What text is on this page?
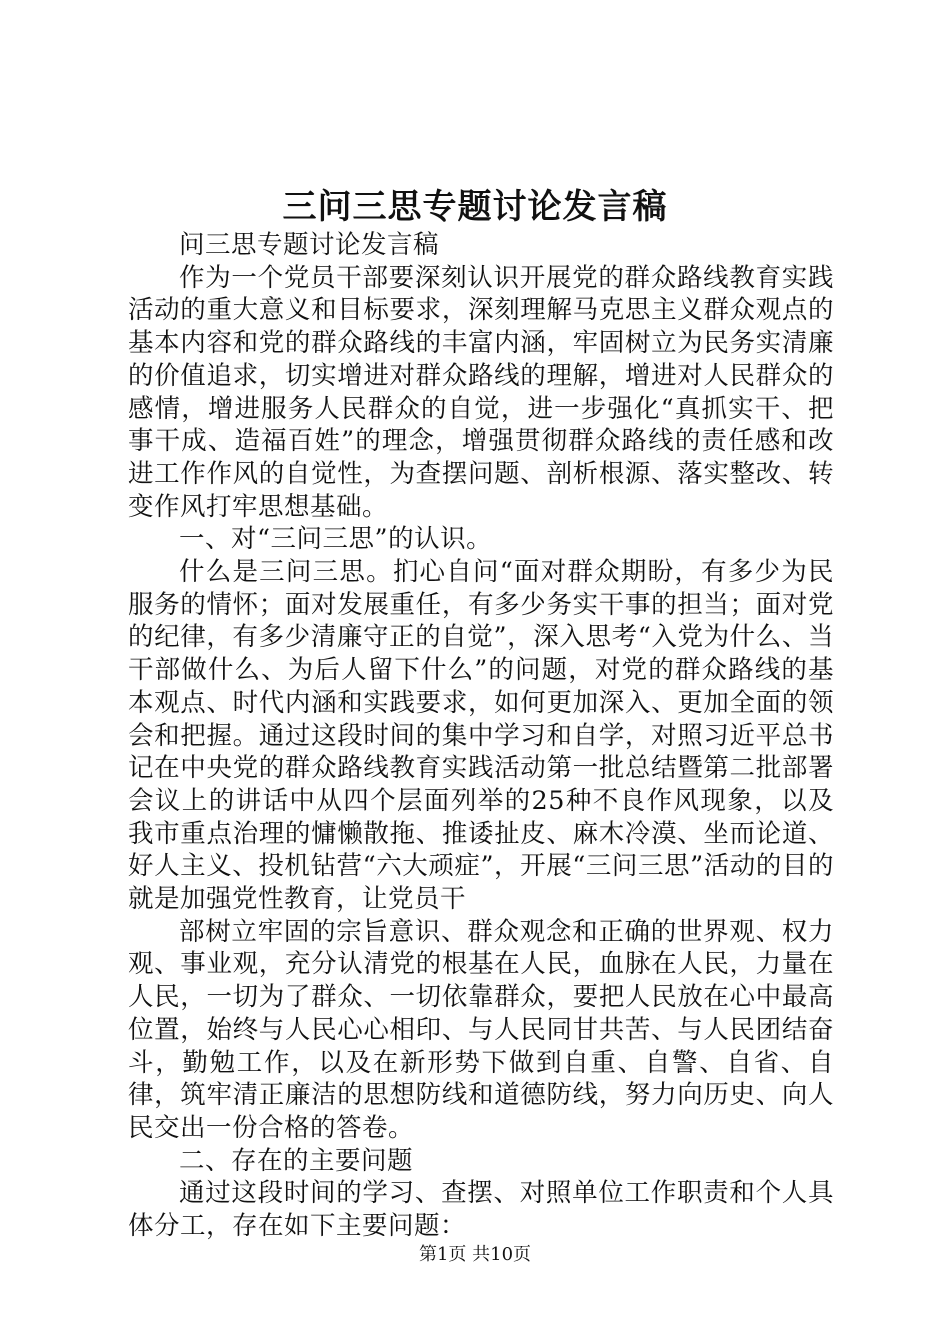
三问三思专题讨论发言稿

问三思专题讨论发言稿

作为一个党员干部要深刻认识开展党的群众路线教育实践活动的重大意义和目标要求，深刻理解马克思主义群众观点的基本内容和党的群众路线的丰富内涵，牢固树立为民务实清廉的价值追求，切实增进对群众路线的理解，增进对人民群众的感情，增进服务人民群众的自觉，进一步强化“真抓实干、把事干成、造福百姓”的理念，增强贯彻群众路线的责任感和改进工作作风的自觉性，为查摆问题、剖析根源、落实整改、转变作风打牢思想基础。

一、对“三问三思”的认识。

什么是三问三思。扪心自问“面对群众期盼，有多少为民服务的情怀；面对发展重任，有多少务实干事的担当；面对党的纪律，有多少清廉守正的自觉”，深入思考“入党为什么、当干部做什么、为后人留下什么”的问题，对党的群众路线的基本观点、时代内涵和实践要求，如何更加深入、更加全面的领会和把握。通过这段时间的集中学习和自学，对照习近平总书记在中央党的群众路线教育实践活动第一批总结暨第二批部署会议上的讲话中从四个层面列举的25种不良作风现象，以及我市重点治理的慵懒散拖、推诿扯皮、麻木冷漠、坐而论道、好人主义、投机钻营“六大顽症”，开展“三问三思”活动的目的就是加强党性教育，让党员干

部树立牢固的宗旨意识、群众观念和正确的世界观、权力观、事业观，充分认清党的根基在人民，血脉在人民，力量在人民，一切为了群众、一切依靠群众，要把人民放在心中最高位置，始终与人民心心相印、与人民同甘共苦、与人民团结奋斗，勤勉工作，以及在新形势下做到自重、自警、自省、自律，筑牢清正廉洁的思想防线和道德防线，努力向历史、向人民交出一份合格的答卷。

二、存在的主要问题

通过这段时间的学习、查摆、对照单位工作职责和个人具体分工，存在如下主要问题：

第1页 共10页
